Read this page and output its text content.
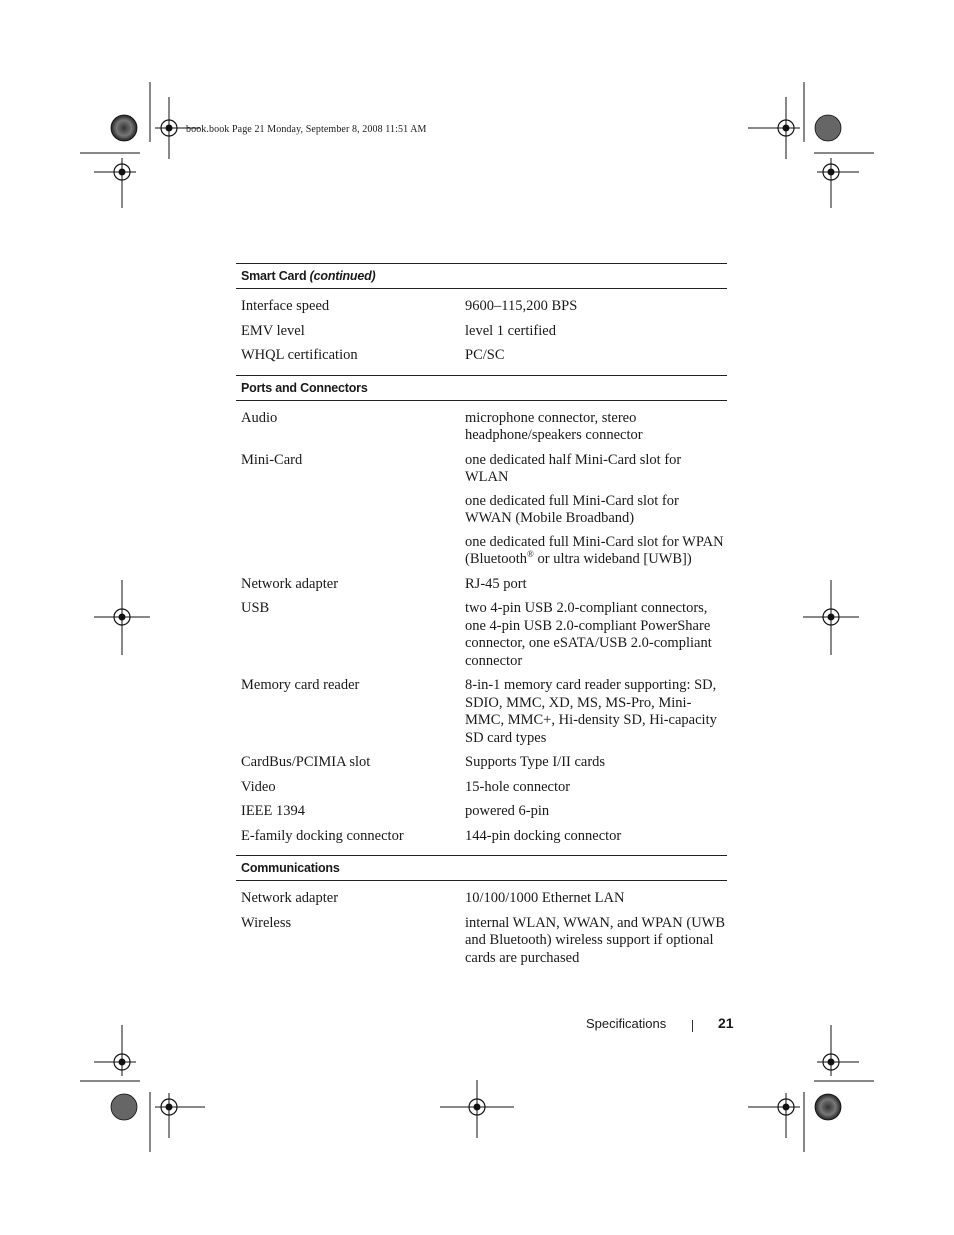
book.book Page 21 Monday, September 8, 2008 11:51 AM
Smart Card (continued)
Interface speed	9600–115,200 BPS
EMV level	level 1 certified
WHQL certification	PC/SC
Ports and Connectors
Audio	microphone connector, stereo headphone/speakers connector
Mini-Card	one dedicated half Mini-Card slot for WLAN
one dedicated full Mini-Card slot for WWAN (Mobile Broadband)
one dedicated full Mini-Card slot for WPAN (Bluetooth® or ultra wideband [UWB])
Network adapter	RJ-45 port
USB	two 4-pin USB 2.0-compliant connectors, one 4-pin USB 2.0-compliant PowerShare connector, one eSATA/USB 2.0-compliant connector
Memory card reader	8-in-1 memory card reader supporting: SD, SDIO, MMC, XD, MS, MS-Pro, Mini-MMC, MMC+, Hi-density SD, Hi-capacity SD card types
CardBus/PCIMIA slot	Supports Type I/II cards
Video	15-hole connector
IEEE 1394	powered 6-pin
E-family docking connector	144-pin docking connector
Communications
Network adapter	10/100/1000 Ethernet LAN
Wireless	internal WLAN, WWAN, and WPAN (UWB and Bluetooth) wireless support if optional cards are purchased
Specifications	21
